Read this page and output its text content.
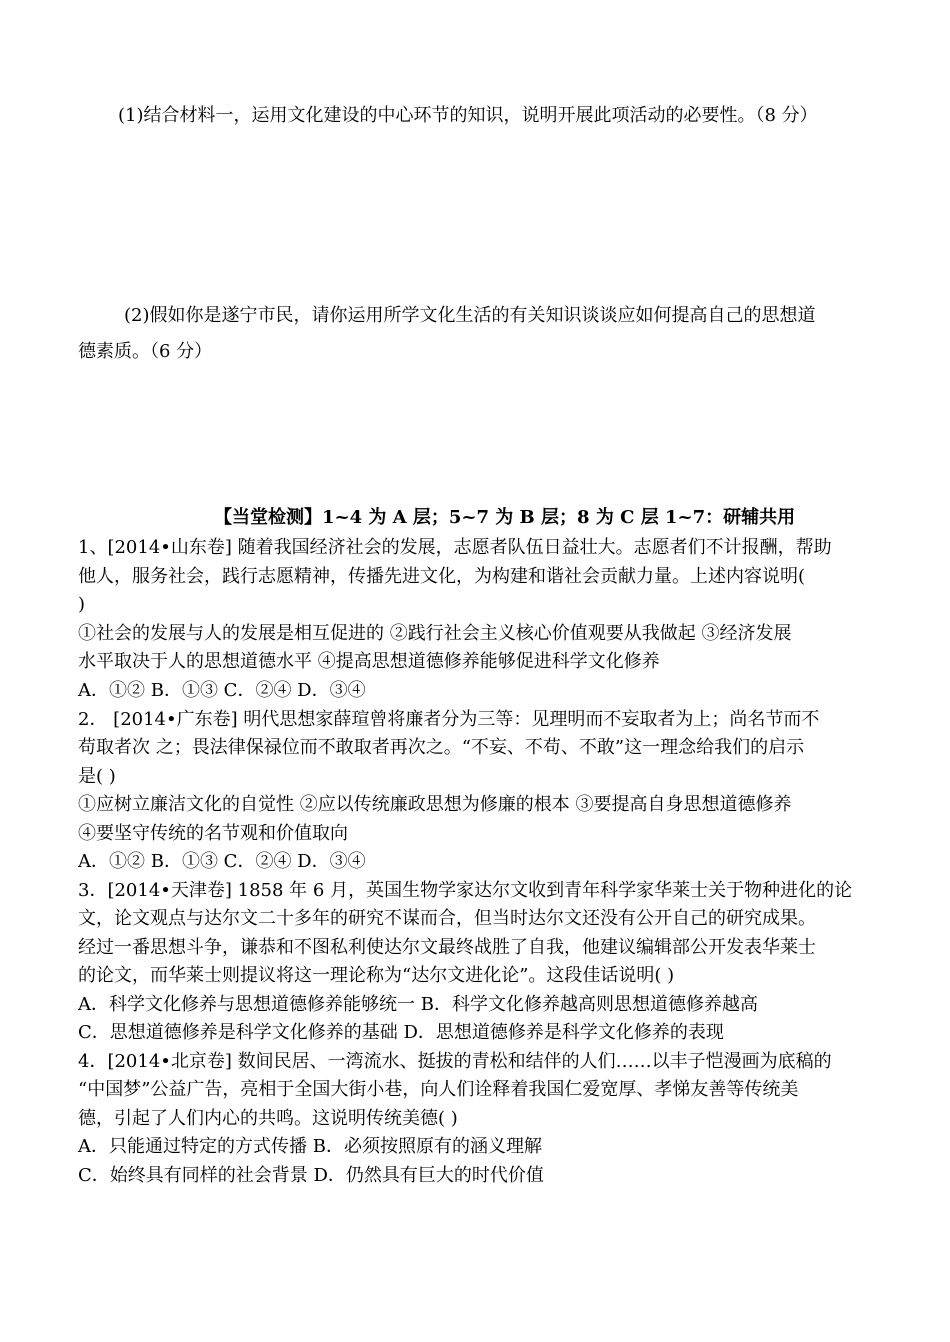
(1)结合材料一，运用文化建设的中心环节的知识，说明开展此项活动的必要性。（8 分）
(2)假如你是遂宁市民，请你运用所学文化生活的有关知识谈谈应如何提高自己的思想道
德素质。（6 分）
【当堂检测】1~4 为 A 层；5~7 为 B 层；8 为 C 层 1~7：研辅共用
1、[2014•山东卷] 随着我国经济社会的发展，志愿者队伍日益壮大。志愿者们不计报酬，帮助
他人，服务社会，践行志愿精神，传播先进文化，为构建和谐社会贡献力量。上述内容说明(
)
①社会的发展与人的发展是相互促进的 ②践行社会主义核心价值观要从我做起 ③经济发展
水平取决于人的思想道德水平 ④提高思想道德修养能够促进科学文化修养
A．①② B．①③ C．②④ D．③④
2． [2014•广东卷] 明代思想家薛瑄曾将廉者分为三等：见理明而不妄取者为上；尚名节而不
苟取者次 之；畏法律保禄位而不敢取者再次之。“不妄、不苟、不敢”这一理念给我们的启示
是( )
①应树立廉洁文化的自觉性 ②应以传统廉政思想为修廉的根本 ③要提高自身思想道德修养
④要坚守传统的名节观和价值取向
A．①② B．①③ C．②④ D．③④
3．[2014•天津卷] 1858 年 6 月，英国生物学家达尔文收到青年科学家华莱士关于物种进化的论
文，论文观点与达尔文二十多年的研究不谋而合，但当时达尔文还没有公开自己的研究成果。
经过一番思想斗争，谦恭和不图私利使达尔文最终战胜了自我，他建议编辑部公开发表华莱士
的论文，而华莱士则提议将这一理论称为“达尔文进化论”。这段佳话说明( )
A．科学文化修养与思想道德修养能够统一 B．科学文化修养越高则思想道德修养越高
C．思想道德修养是科学文化修养的基础 D．思想道德修养是科学文化修养的表现
4．[2014•北京卷] 数间民居、一湾流水、挺拔的青松和结伴的人们……以丰子恺漫画为底稿的
“中国梦”公益广告，亮相于全国大街小巷，向人们诠释着我国仁爱宽厚、孝悌友善等传统美
德，引起了人们内心的共鸣。这说明传统美德( )
A．只能通过特定的方式传播 B．必须按照原有的涵义理解
C．始终具有同样的社会背景 D．仍然具有巨大的时代价值
